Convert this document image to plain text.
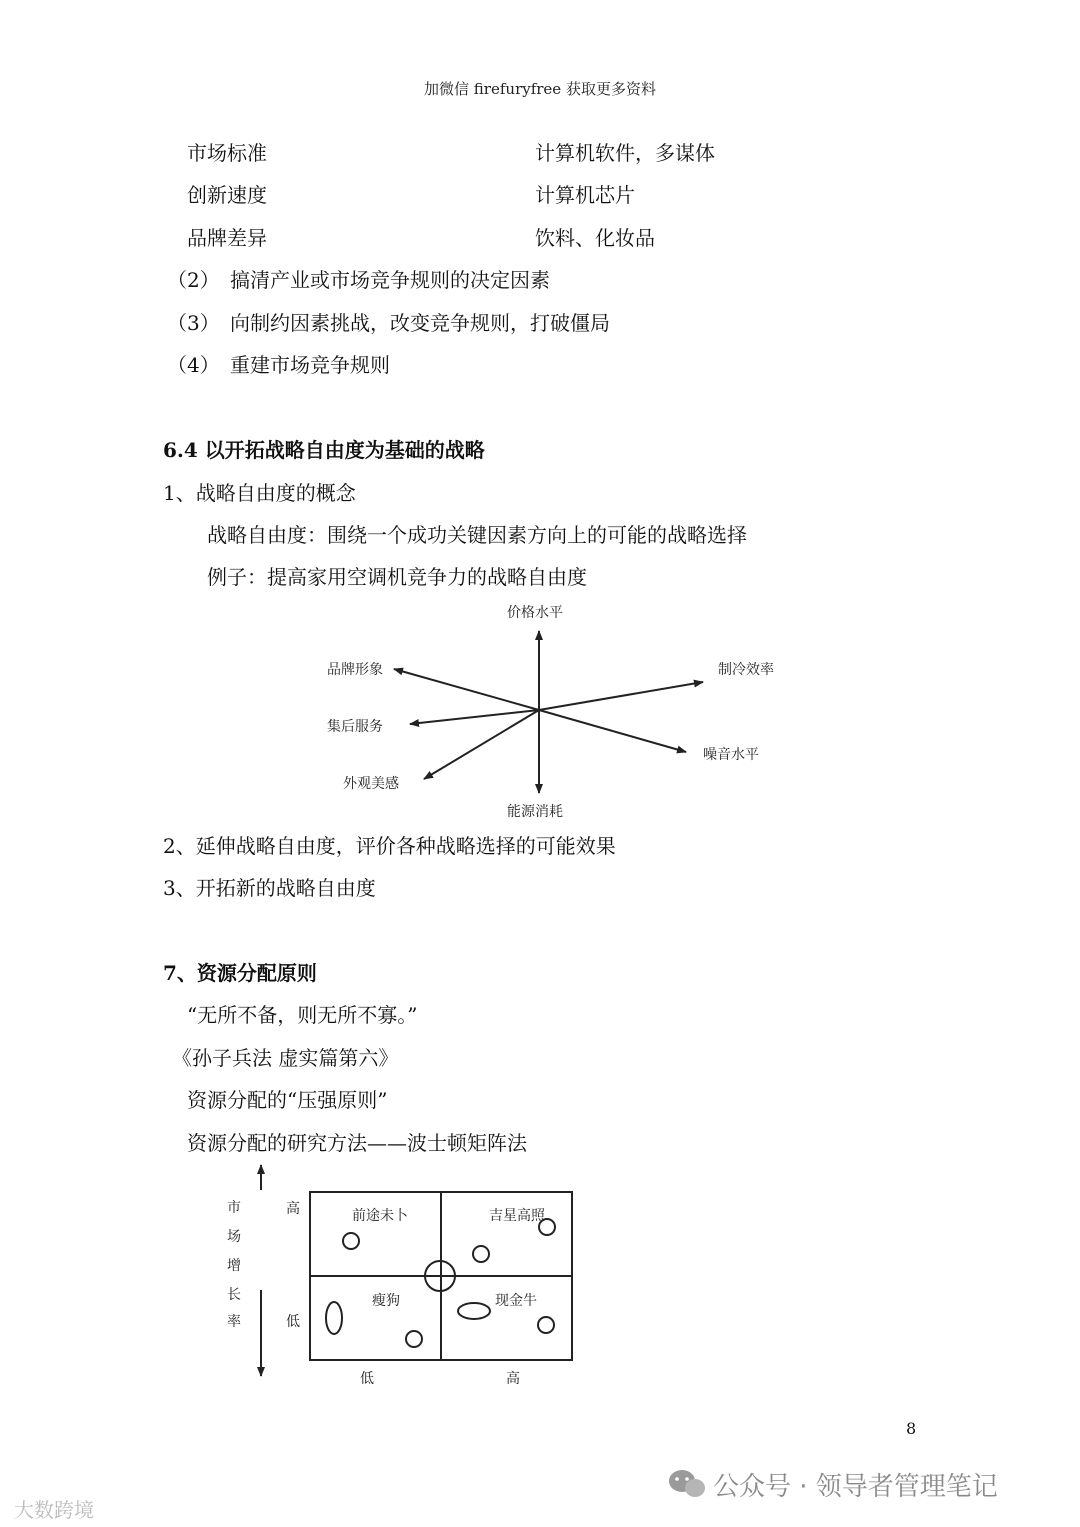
加微信 firefuryfree 获取更多资料
市场标准	计算机软件，多谋体
创新速度	计算机芯片
品牌差异	饮料、化妆品
（2） 搞清产业或市场竞争规则的决定因素
（3） 向制约因素挑战，改变竞争规则，打破僵局
（4） 重建市场竞争规则
6.4 以开拓战略自由度为基础的战略
1、战略自由度的概念
战略自由度：围绕一个成功关键因素方向上的可能的战略选择
例子：提高家用空调机竞争力的战略自由度
价格水平
品牌形象	制冷效率
集后服务
噪音水平
外观美感
能源消耗
2、延伸战略自由度，评价各种战略选择的可能效果
3、开拓新的战略自由度
7、资源分配原则
“无所不备，则无所不寡。”
《孙子兵法 虚实篇第六》
资源分配的“压强原则”
资源分配的研究方法——波士顿矩阵法
市
场
增
长
率
高
低
前途未卜	吉星高照
瘦狗	现金牛
低	高
8
公众号 · 领导者管理笔记
大数跨境
